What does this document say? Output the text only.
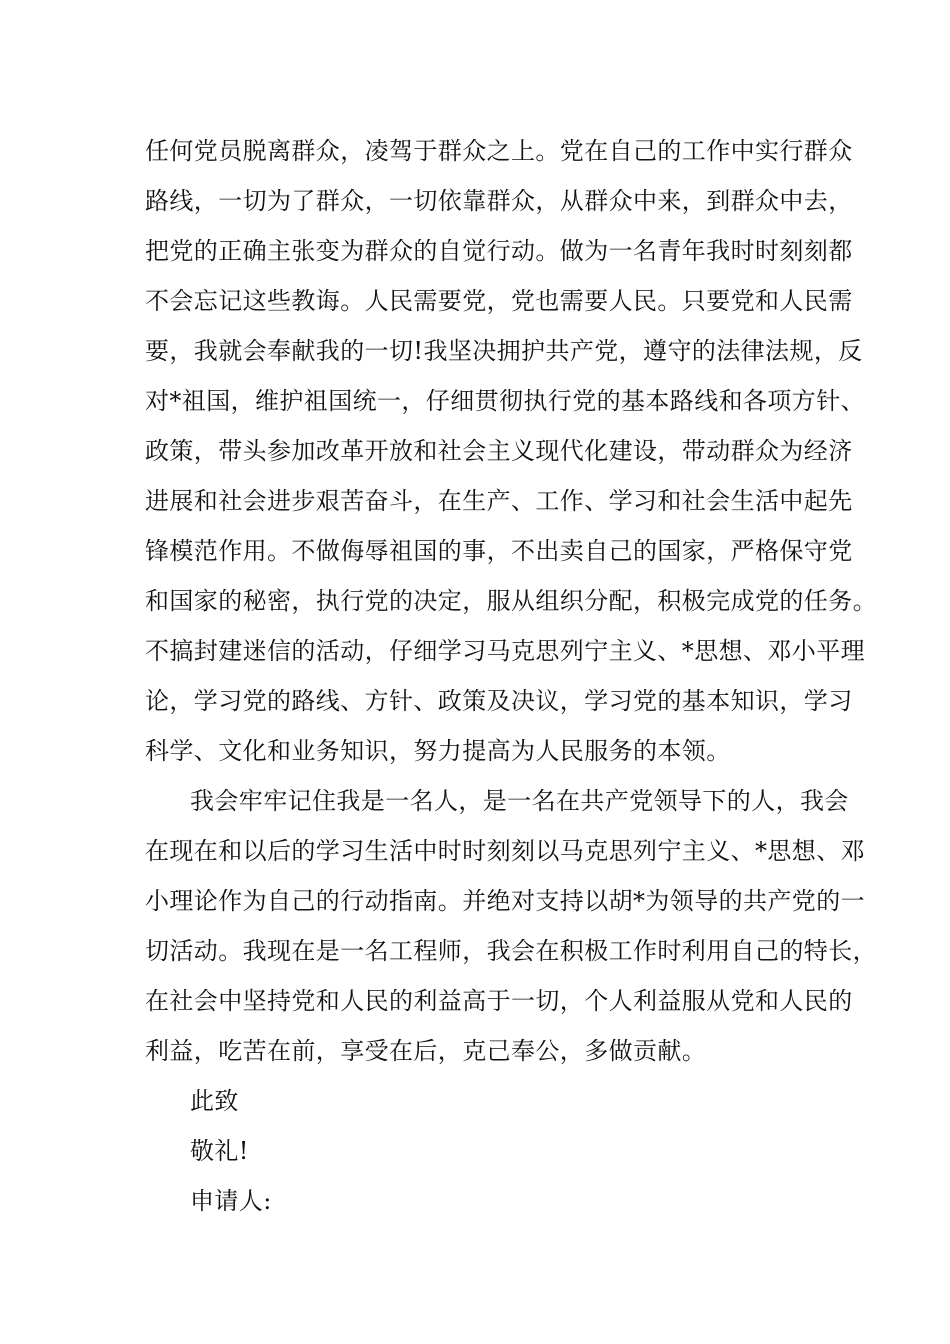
任何党员脱离群众，凌驾于群众之上。党在自己的工作中实行群众

路线，一切为了群众，一切依靠群众，从群众中来，到群众中去，

把党的正确主张变为群众的自觉行动。做为一名青年我时时刻刻都

不会忘记这些教诲。人民需要党，党也需要人民。只要党和人民需

要，我就会奉献我的一切!我坚决拥护共产党，遵守的法律法规，反

对*祖国，维护祖国统一，仔细贯彻执行党的基本路线和各项方针、

政策，带头参加改革开放和社会主义现代化建设，带动群众为经济

进展和社会进步艰苦奋斗，在生产、工作、学习和社会生活中起先

锋模范作用。不做侮辱祖国的事，不出卖自己的国家，严格保守党

和国家的秘密，执行党的决定，服从组织分配，积极完成党的任务。

不搞封建迷信的活动，仔细学习马克思列宁主义、*思想、邓小平理

论，学习党的路线、方针、政策及决议，学习党的基本知识，学习

科学、文化和业务知识，努力提高为人民服务的本领。

我会牢牢记住我是一名人，是一名在共产党领导下的人，我会

在现在和以后的学习生活中时时刻刻以马克思列宁主义、*思想、邓

小理论作为自己的行动指南。并绝对支持以胡*为领导的共产党的一

切活动。我现在是一名工程师，我会在积极工作时利用自己的特长，

在社会中坚持党和人民的利益高于一切，个人利益服从党和人民的

利益，吃苦在前，享受在后，克己奉公，多做贡献。

此致

敬礼!

申请人:
